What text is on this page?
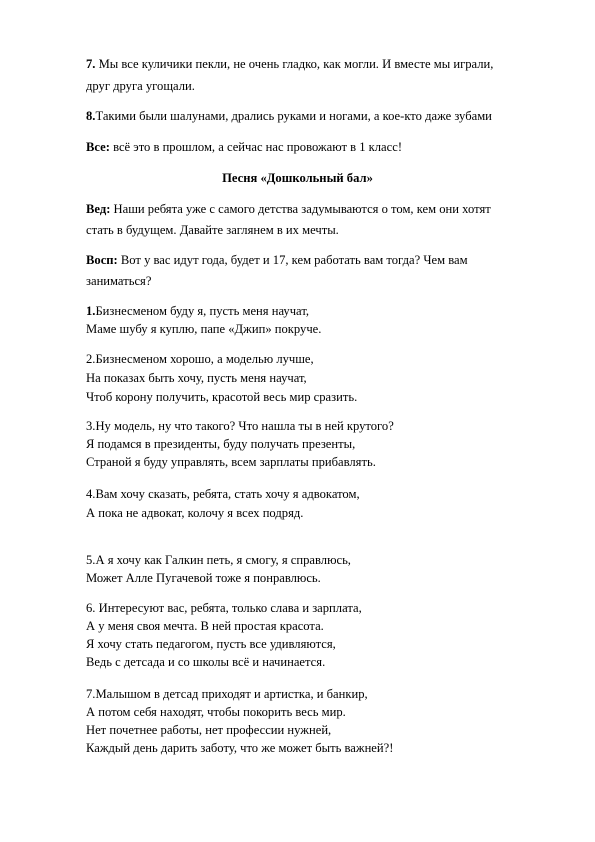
7. Мы все куличики пекли, не очень гладко, как могли. И вместе мы играли,
друг друга угощали.
8.Такими были шалунами, дрались руками и ногами, а кое-кто даже зубами
Все: всё это в прошлом, а сейчас нас провожают в 1 класс!
Песня «Дошкольный бал»
Вед: Наши ребята уже с самого детства задумываются о том, кем они хотят
стать в будущем. Давайте заглянем в их мечты.
Восп: Вот у вас идут года, будет и 17, кем работать вам тогда? Чем вам
заниматься?
1.Бизнесменом буду я, пусть меня научат,
Маме шубу я куплю, папе «Джип» покруче.
2.Бизнесменом хорошо, а моделью лучше,
На показах быть хочу, пусть меня научат,
Чтоб корону получить, красотой весь мир сразить.
3.Ну модель, ну что такого? Что нашла ты в ней крутого?
Я подамся в президенты, буду получать презенты,
Страной я буду управлять, всем зарплаты прибавлять.
4.Вам хочу сказать, ребята, стать хочу я адвокатом,
А пока не адвокат, колочу я всех подряд.
5.А я хочу как Галкин петь, я смогу, я справлюсь,
Может Алле Пугачевой тоже я понравлюсь.
6. Интересуют вас, ребята, только слава и зарплата,
А у меня своя мечта. В ней простая красота.
Я хочу стать педагогом, пусть все удивляются,
Ведь с детсада и со школы всё и начинается.
7.Малышом в детсад приходят и артистка, и банкир,
А потом себя находят, чтобы покорить весь мир.
Нет почетнее работы, нет профессии нужней,
Каждый день дарить заботу, что же может быть важней?!
